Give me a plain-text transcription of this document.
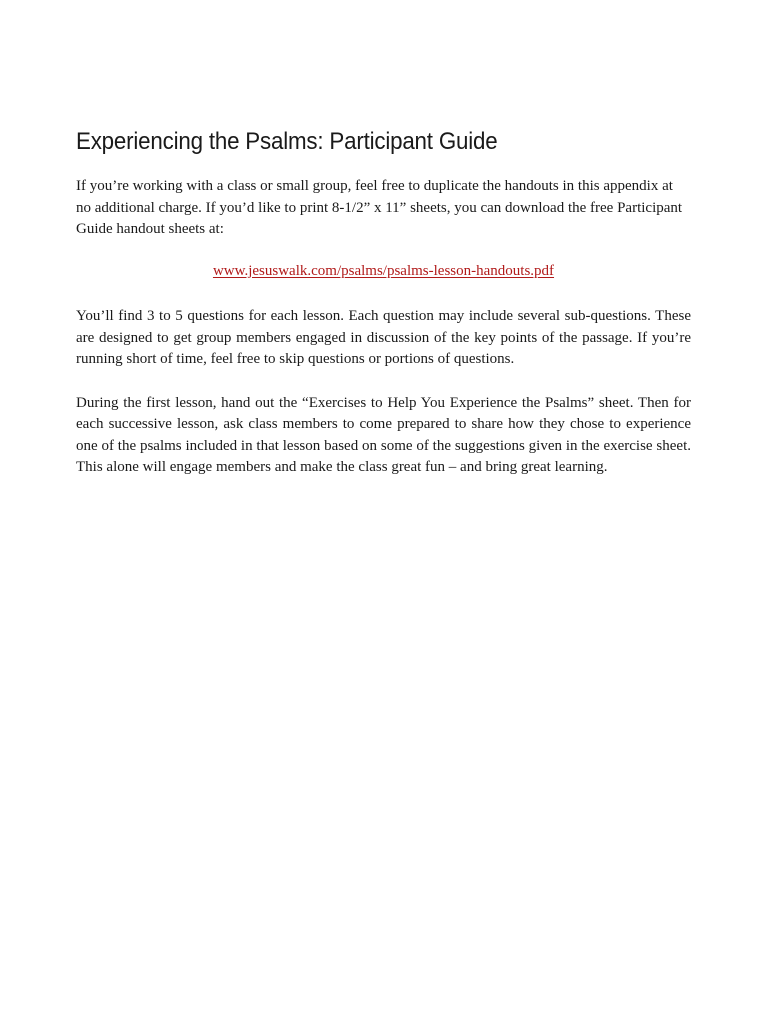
Experiencing the Psalms: Participant Guide

If you’re working with a class or small group, feel free to duplicate the handouts in this appendix at no additional charge. If you’d like to print 8-1/2” x 11” sheets, you can download the free Participant Guide handout sheets at:

www.jesuswalk.com/psalms/psalms-lesson-handouts.pdf

You’ll find 3 to 5 questions for each lesson. Each question may include several sub-questions. These are designed to get group members engaged in discussion of the key points of the passage. If you’re running short of time, feel free to skip questions or portions of questions.

During the first lesson, hand out the “Exercises to Help You Experience the Psalms” sheet. Then for each successive lesson, ask class members to come prepared to share how they chose to experience one of the psalms included in that lesson based on some of the suggestions given in the exercise sheet. This alone will engage members and make the class great fun – and bring great learning.
